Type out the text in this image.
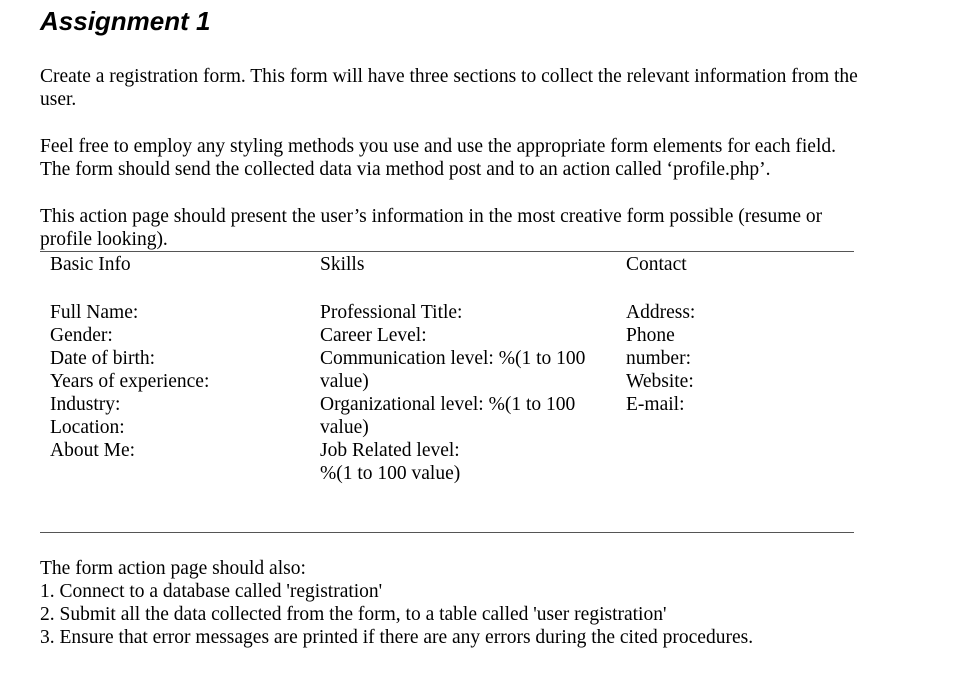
Assignment 1
Create a registration form. This form will have three sections to collect the relevant information from the
user.
Feel free to employ any styling methods you use and use the appropriate form elements for each field.
The form should send the collected data via method post and to an action called ‘profile.php’.
This action page should present the user’s information in the most creative form possible (resume or
profile looking).
Basic Info	Skills	Contact
Full Name:
Gender:
Date of birth:
Years of experience:
Industry:
Location:
About Me:
Professional Title:
Career Level:
Communication level: %(1 to 100
value)
Organizational level: %(1 to 100
value)
Job Related level:
%(1 to 100 value)
Address:
Phone
number:
Website:
E-mail:
The form action page should also:
1. Connect to a database called 'registration'
2. Submit all the data collected from the form, to a table called 'user registration'
3. Ensure that error messages are printed if there are any errors during the cited procedures.
